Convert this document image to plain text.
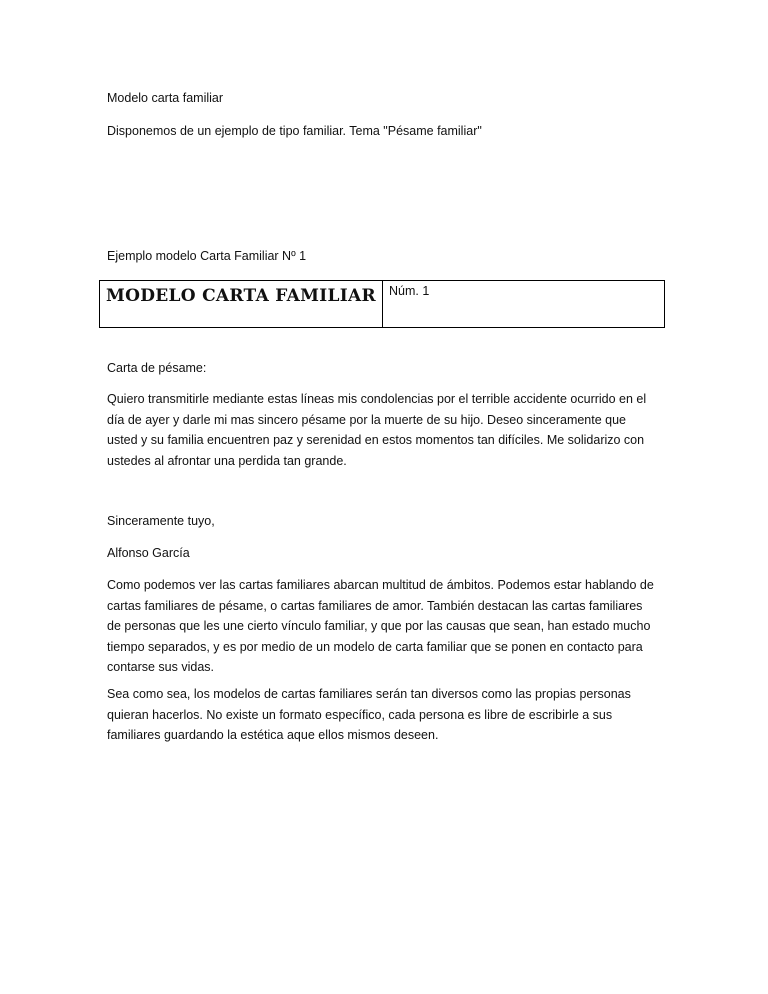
Modelo carta familiar
Disponemos de un ejemplo de tipo familiar. Tema "Pésame familiar"
Ejemplo modelo Carta Familiar Nº 1
MODELO CARTA FAMILIAR	Núm. 1
Carta de pésame:
Quiero transmitirle mediante estas líneas mis condolencias por el terrible accidente ocurrido en el
día de ayer y darle mi mas sincero pésame por la muerte de su hijo. Deseo sinceramente que
usted y su familia encuentren paz y serenidad en estos momentos tan difíciles. Me solidarizo con
ustedes al afrontar una perdida tan grande.
Sinceramente tuyo,
Alfonso García
Como podemos ver las cartas familiares abarcan multitud de ámbitos. Podemos estar hablando de
cartas familiares de pésame, o cartas familiares de amor. También destacan las cartas familiares
de personas que les une cierto vínculo familiar, y que por las causas que sean, han estado mucho
tiempo separados, y es por medio de un modelo de carta familiar que se ponen en contacto para
contarse sus vidas.
Sea como sea, los modelos de cartas familiares serán tan diversos como las propias personas
quieran hacerlos. No existe un formato específico, cada persona es libre de escribirle a sus
familiares guardando la estética aque ellos mismos deseen.
